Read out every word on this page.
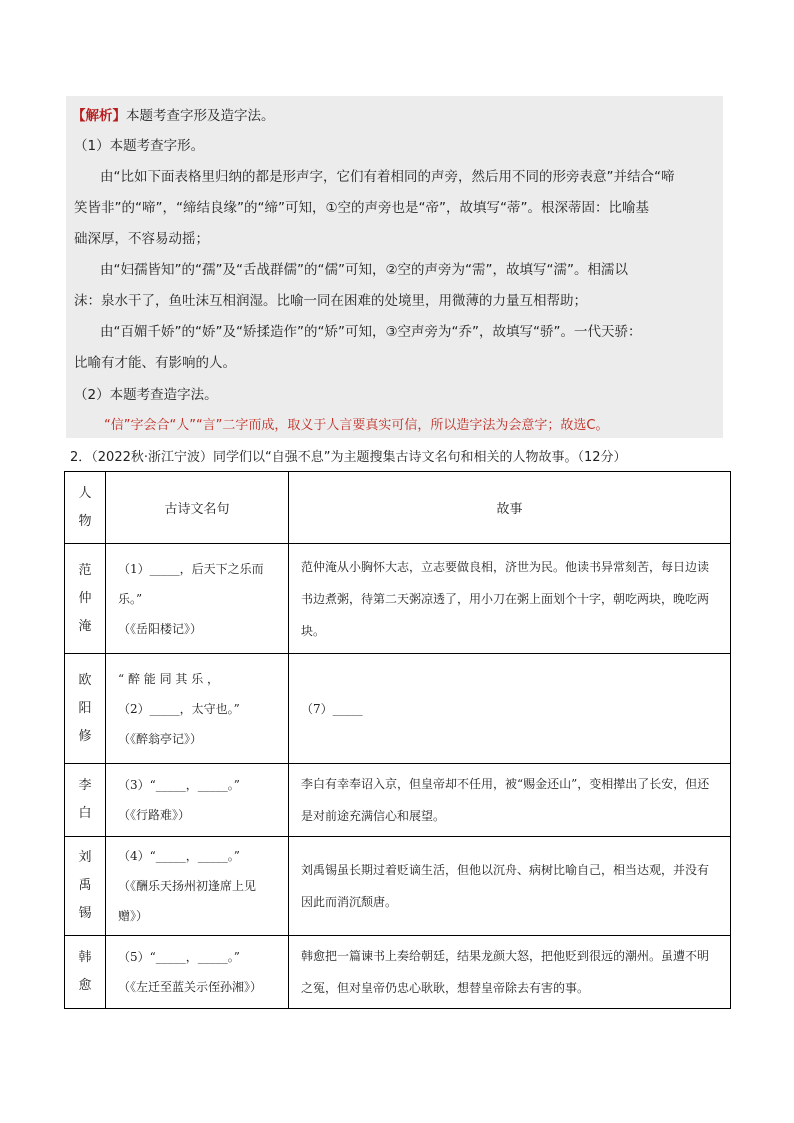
【解析】本题考查字形及造字法。
（1）本题考查字形。
由“比如下面表格里归纳的都是形声字，它们有着相同的声旁，然后用不同的形旁表意”并结合“啼
笑皆非”的“啼”，“缔结良缘”的“缔”可知，①空的声旁也是“帝”，故填写“蒂”。根深蒂固：比喻基
础深厚，不容易动摇；
由“妇孺皆知”的“孺”及“舌战群儒”的“儒”可知，②空的声旁为“需”，故填写“濡”。相濡以
沫：泉水干了，鱼吐沫互相润湿。比喻一同在困难的处境里，用微薄的力量互相帮助；
由“百媚千娇”的“娇”及“矫揉造作”的“矫”可知，③空声旁为“乔”，故填写“骄”。一代天骄：
比喻有才能、有影响的人。
（2）本题考查造字法。
“信”字会合“人”“言”二字而成，取义于人言要真实可信，所以造字法为会意字；故选C。
2．（2022秋·浙江宁波）同学们以“自强不息”为主题搜集古诗文名句和相关的人物故事。（12分）
人
物	古诗文名句	故事

范
仲
淹	（1）_____，后天下之乐而
乐。”
（《岳阳楼记》）	范仲淹从小胸怀大志，立志要做良相，济世为民。他读书异常刻苦，每日边读书边煮粥，待第二天粥凉透了，用小刀在粥上面划个十字，朝吃两块，晚吃两块。

欧
阳
修	“ 醉 能 同 其 乐 ，
（2）_____，太守也。”
（《醉翁亭记》）	（7）_____

李
白	（3）“_____，_____。”
（《行路难》）	李白有幸奉诏入京，但皇帝却不任用，被“赐金还山”，变相撵出了长安，但还是对前途充满信心和展望。

刘
禹
锡	（4）“_____，_____。”
（《酬乐天扬州初逢席上见
赠》）	刘禹锡虽长期过着贬谪生活，但他以沉舟、病树比喻自己，相当达观，并没有因此而消沉颓唐。

韩
愈	（5）“_____，_____。”
（《左迁至蓝关示侄孙湘》）	韩愈把一篇谏书上奏给朝廷，结果龙颜大怒，把他贬到很远的潮州。虽遭不明之冤，但对皇帝仍忠心耿耿，想替皇帝除去有害的事。
